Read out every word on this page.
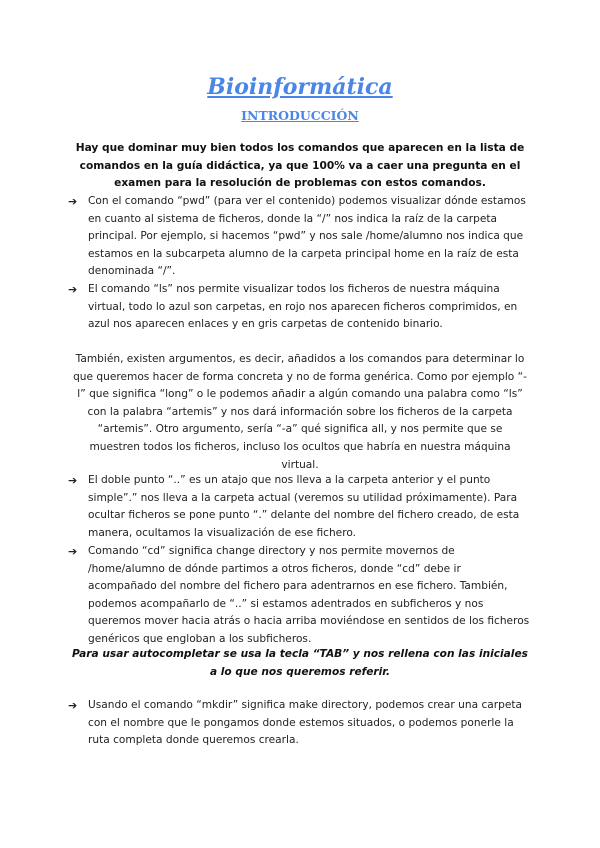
Bioinformática
INTRODUCCIÓN

Hay que dominar muy bien todos los comandos que aparecen en la lista de comandos en la guía didáctica, ya que 100% va a caer una pregunta en el examen para la resolución de problemas con estos comandos.

➔ Con el comando “pwd” (para ver el contenido) podemos visualizar dónde estamos en cuanto al sistema de ficheros, donde la “/” nos indica la raíz de la carpeta principal. Por ejemplo, si hacemos “pwd” y nos sale /home/alumno nos indica que estamos en la subcarpeta alumno de la carpeta principal home en la raíz de esta denominada “/”.
➔ El comando “ls” nos permite visualizar todos los ficheros de nuestra máquina virtual, todo lo azul son carpetas, en rojo nos aparecen ficheros comprimidos, en azul nos aparecen enlaces y en gris carpetas de contenido binario.

También, existen argumentos, es decir, añadidos a los comandos para determinar lo que queremos hacer de forma concreta y no de forma genérica. Como por ejemplo “-l” que significa “long” o le podemos añadir a algún comando una palabra como “ls” con la palabra “artemis” y nos dará información sobre los ficheros de la carpeta “artemis”. Otro argumento, sería “-a” qué significa all, y nos permite que se muestren todos los ficheros, incluso los ocultos que habría en nuestra máquina virtual.

➔ El doble punto “..” es un atajo que nos lleva a la carpeta anterior y el punto simple”.” nos lleva a la carpeta actual (veremos su utilidad próximamente). Para ocultar ficheros se pone punto “.” delante del nombre del fichero creado, de esta manera, ocultamos la visualización de ese fichero.
➔ Comando “cd” significa change directory y nos permite movernos de /home/alumno de dónde partimos a otros ficheros, donde “cd” debe ir acompañado del nombre del fichero para adentrarnos en ese fichero. También, podemos acompañarlo de “..” si estamos adentrados en subficheros y nos queremos mover hacia atrás o hacia arriba moviéndose en sentidos de los ficheros genéricos que engloban a los subficheros.

Para usar autocompletar se usa la tecla “TAB” y nos rellena con las iniciales a lo que nos queremos referir.

➔ Usando el comando “mkdir” significa make directory, podemos crear una carpeta con el nombre que le pongamos donde estemos situados, o podemos ponerle la ruta completa donde queremos crearla.
